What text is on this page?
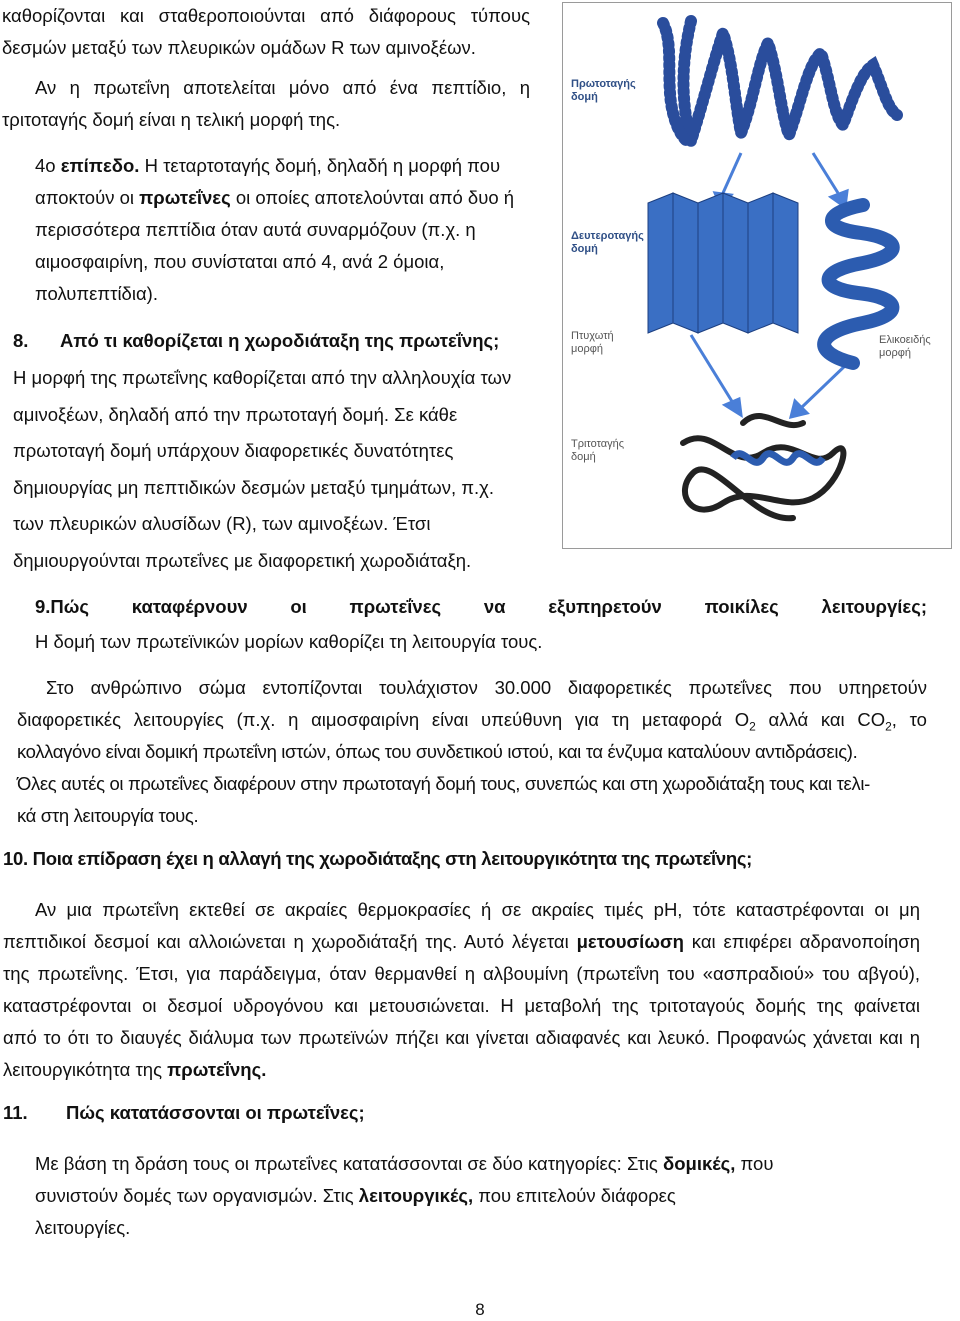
καθορίζονται και σταθεροποιούνται από διάφορους τύπους
δεσμών μεταξύ των πλευρικών ομάδων R των αμινοξέων.
Αν η πρωτεΐνη αποτελείται μόνο από ένα πεπτίδιο, η
τριτοταγής δομή είναι η τελική μορφή της.
4ο επίπεδο. Η τεταρτοταγής δομή, δηλαδή η μορφή που
αποκτούν οι πρωτεΐνες οι οποίες αποτελούνται από δυο ή
περισσότερα πεπτίδια όταν αυτά συναρμόζουν (π.χ. η
αιμοσφαιρίνη, που συνίσταται από 4, ανά 2 όμοια,
πολυπεπτίδια).
8. Από τι καθορίζεται η χωροδιάταξη της πρωτεΐνης;
Η μορφή της πρωτεΐνης καθορίζεται από την αλληλουχία των
αμινοξέων, δηλαδή από την πρωτοταγή δομή. Σε κάθε
πρωτοταγή δομή υπάρχουν διαφορετικές δυνατότητες
δημιουργίας μη πεπτιδικών δεσμών μεταξύ τμημάτων, π.χ.
των πλευρικών αλυσίδων (R), των αμινοξέων. Έτσι
δημιουργούνται πρωτεΐνες με διαφορετική χωροδιάταξη.
Πρωτοταγής
δομή
Δευτεροταγής
δομή
Πτυχωτή
μορφή
Ελικοειδής
μορφή
Τριτοταγής
δομή
9.Πώς καταφέρνουν οι πρωτεΐνες να εξυπηρετούν ποικίλες λειτουργίες;
Η δομή των πρωτεϊνικών μορίων καθορίζει τη λειτουργία τους.
Στο ανθρώπινο σώμα εντοπίζονται τουλάχιστον 30.000 διαφορετικές πρωτεΐνες που υπηρετούν
διαφορετικές λειτουργίες (π.χ. η αιμοσφαιρίνη είναι υπεύθυνη για τη μεταφορά $O_2$ αλλά και $CO_2$, το
κολλαγόνο είναι δομική πρωτεΐνη ιστών, όπως του συνδετικού ιστού, και τα ένζυμα καταλύουν αντιδράσεις).
Όλες αυτές οι πρωτεΐνες διαφέρουν στην πρωτοταγή δομή τους, συνεπώς και στη χωροδιάταξη τους και τελι-
κά στη λειτουργία τους.
10. Ποια επίδραση έχει η αλλαγή της χωροδιάταξης στη λειτουργικότητα της πρωτεΐνης;
Αν μια πρωτεΐνη εκτεθεί σε ακραίες θερμοκρασίες ή σε ακραίες τιμές pH, τότε καταστρέφονται οι μη
πεπτιδικοί δεσμοί και αλλοιώνεται η χωροδιάταξή της. Αυτό λέγεται μετουσίωση και επιφέρει αδρανοποίηση
της πρωτεΐνης. Έτσι, για παράδειγμα, όταν θερμανθεί η αλβουμίνη (πρωτεΐνη του «ασπραδιού» του αβγού),
καταστρέφονται οι δεσμοί υδρογόνου και μετουσιώνεται. Η μεταβολή της τριτοταγούς δομής της φαίνεται
από το ότι το διαυγές διάλυμα των πρωτεϊνών πήζει και γίνεται αδιαφανές και λευκό. Προφανώς χάνεται και η
λειτουργικότητα της πρωτεΐνης.
11. Πώς κατατάσσονται οι πρωτεΐνες;
Με βάση τη δράση τους οι πρωτεΐνες κατατάσσονται σε δύο κατηγορίες: Στις δομικές, που
συνιστούν δομές των οργανισμών. Στις λειτουργικές, που επιτελούν διάφορες
λειτουργίες.
8
